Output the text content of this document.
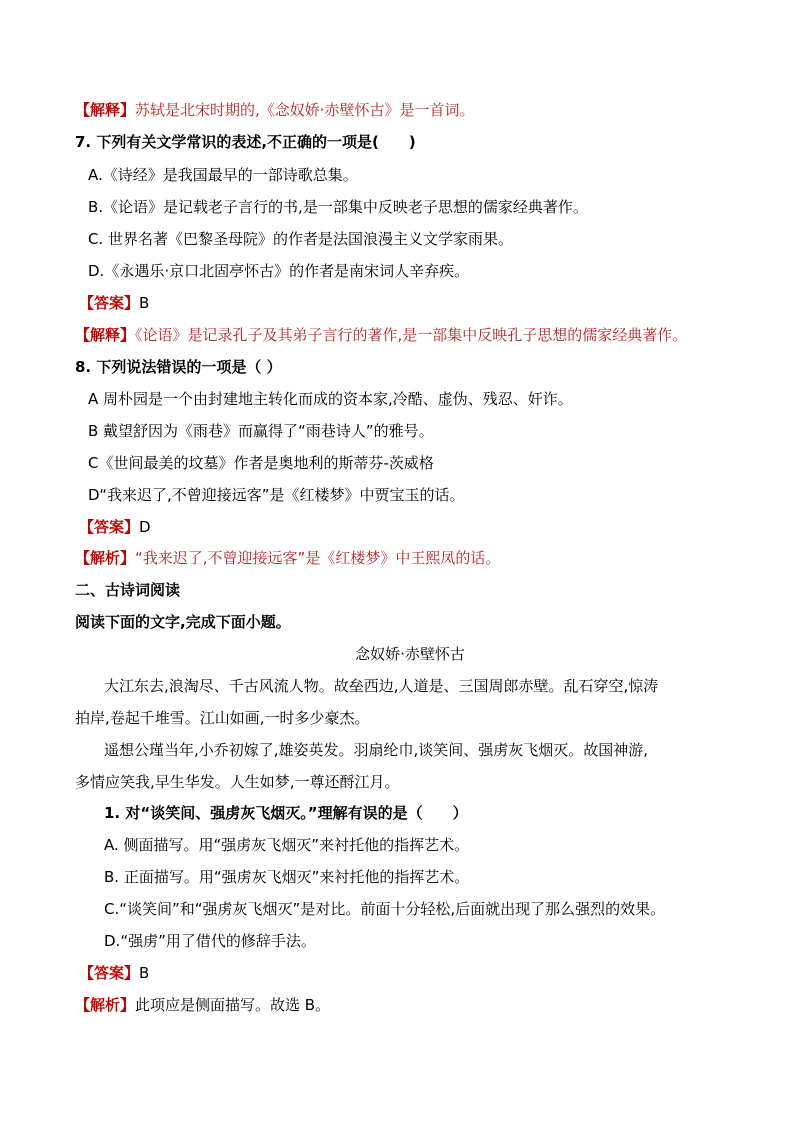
【解释】苏轼是北宋时期的,《念奴娇·赤壁怀古》是一首词。
7. 下列有关文学常识的表述,不正确的一项是(　　)
A.《诗经》是我国最早的一部诗歌总集。
B.《论语》是记载老子言行的书,是一部集中反映老子思想的儒家经典著作。
C. 世界名著《巴黎圣母院》的作者是法国浪漫主义文学家雨果。
D.《永遇乐·京口北固亭怀古》的作者是南宋词人辛弃疾。
【答案】B
【解释】《论语》是记录孔子及其弟子言行的著作,是一部集中反映孔子思想的儒家经典著作。
8. 下列说法错误的一项是（ ）
A 周朴园是一个由封建地主转化而成的资本家,冷酷、虚伪、残忍、奸诈。
B 戴望舒因为《雨巷》而赢得了“雨巷诗人”的雅号。
C《世间最美的坟墓》作者是奥地利的斯蒂芬-茨威格
D“我来迟了,不曾迎接远客”是《红楼梦》中贾宝玉的话。
【答案】D
【解析】“我来迟了,不曾迎接远客”是《红楼梦》中王熙凤的话。
二、古诗词阅读
阅读下面的文字,完成下面小题。
念奴娇·赤壁怀古
大江东去,浪淘尽、千古风流人物。故垒西边,人道是、三国周郎赤壁。乱石穿空,惊涛
拍岸,卷起千堆雪。江山如画,一时多少豪杰。
遥想公瑾当年,小乔初嫁了,雄姿英发。羽扇纶巾,谈笑间、强虏灰飞烟灭。故国神游,
多情应笑我,早生华发。人生如梦,一尊还酹江月。
1. 对“谈笑间、强虏灰飞烟灭。”理解有误的是（　　）
A. 侧面描写。用“强虏灰飞烟灭”来衬托他的指挥艺术。
B. 正面描写。用“强虏灰飞烟灭”来衬托他的指挥艺术。
C.“谈笑间”和“强虏灰飞烟灭”是对比。前面十分轻松,后面就出现了那么强烈的效果。
D.“强虏”用了借代的修辞手法。
【答案】B
【解析】此项应是侧面描写。故选 B。
